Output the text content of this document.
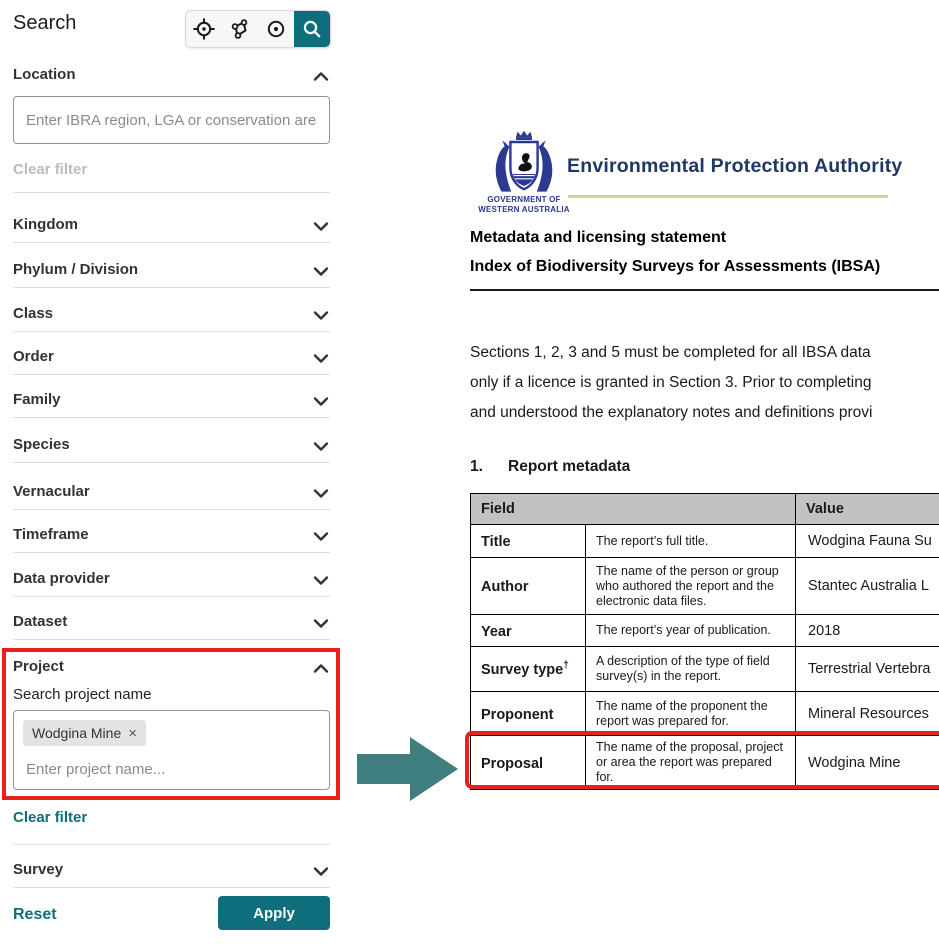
Search
Location
Enter IBRA region, LGA or conservation area
Clear filter
Kingdom
Phylum / Division
Class
Order
Family
Species
Vernacular
Timeframe
Data provider
Dataset
Project
Search project name
Wodgina Mine ×
Enter project name...
Clear filter
Survey
Reset	Apply
GOVERNMENT OF
WESTERN AUSTRALIA
Environmental Protection Authority
Metadata and licensing statement
Index of Biodiversity Surveys for Assessments (IBSA)
Sections 1, 2, 3 and 5 must be completed for all IBSA data
only if a licence is granted in Section 3. Prior to completing
and understood the explanatory notes and definitions provi
1.	Report metadata
Field		Value
Title	The report’s full title.	Wodgina Fauna Su
Author	The name of the person or group who authored the report and the electronic data files.	Stantec Australia L
Year	The report’s year of publication.	2018
Survey type†	A description of the type of field survey(s) in the report.	Terrestrial Vertebra
Proponent	The name of the proponent the report was prepared for.	Mineral Resources
Proposal	The name of the proposal, project or area the report was prepared for.	Wodgina Mine
